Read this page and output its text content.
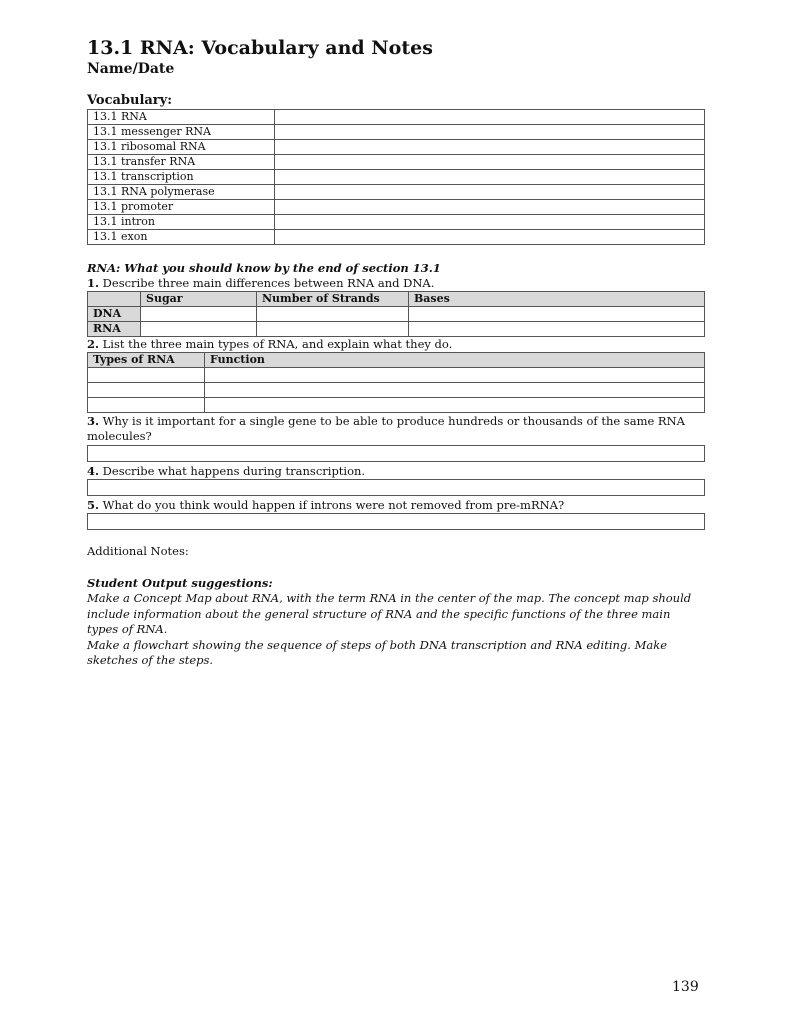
13.1 RNA: Vocabulary and Notes
Name/Date
Vocabulary:
13.1 RNA	
13.1 messenger RNA	
13.1 ribosomal RNA	
13.1 transfer RNA	
13.1 transcription	
13.1 RNA polymerase	
13.1 promoter	
13.1 intron	
13.1 exon	
RNA: What you should know by the end of section 13.1
1. Describe three main differences between RNA and DNA.
	Sugar	Number of Strands	Bases
DNA			
RNA			
2. List the three main types of RNA, and explain what they do.
Types of RNA	Function

3. Why is it important for a single gene to be able to produce hundreds or thousands of the same RNA molecules?
4. Describe what happens during transcription.
5. What do you think would happen if introns were not removed from pre-mRNA?
Additional Notes:
Student Output suggestions:
Make a Concept Map about RNA, with the term RNA in the center of the map. The concept map should include information about the general structure of RNA and the specific functions of the three main types of RNA.
Make a flowchart showing the sequence of steps of both DNA transcription and RNA editing. Make sketches of the steps.
139
